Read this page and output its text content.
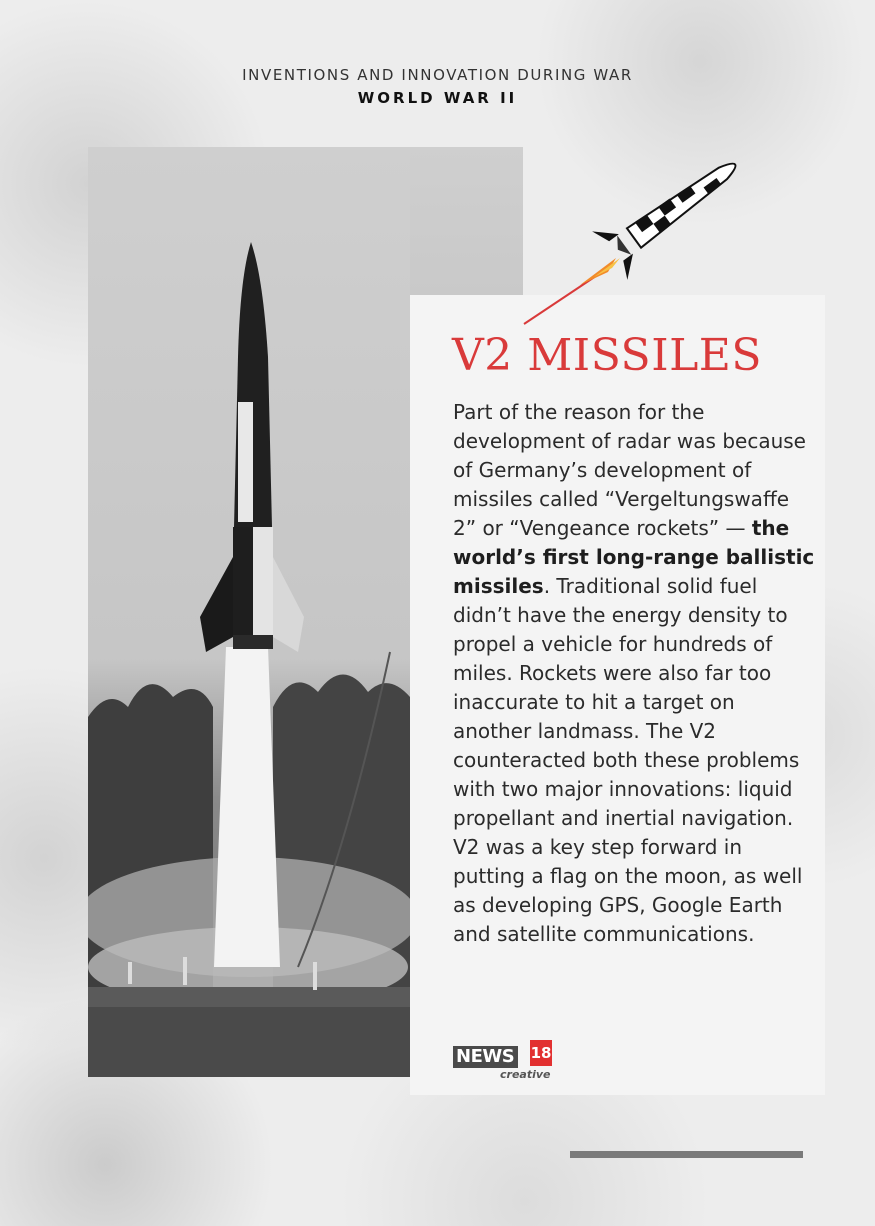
INVENTIONS AND INNOVATION DURING WAR
WORLD WAR II
V2 MISSILES
Part of the reason for the development of radar was because of Germany’s development of missiles called “Vergeltungswaffe 2” or “Vengeance rockets” — the world’s first long-range ballistic missiles. Traditional solid fuel didn’t have the energy density to propel a vehicle for hundreds of miles. Rockets were also far too inaccurate to hit a target on another landmass. The V2 counteracted both these problems with two major innovations: liquid propellant and inertial navigation. V2 was a key step forward in putting a flag on the moon, as well as developing GPS, Google Earth and satellite communications.
NEWS 18
creative
